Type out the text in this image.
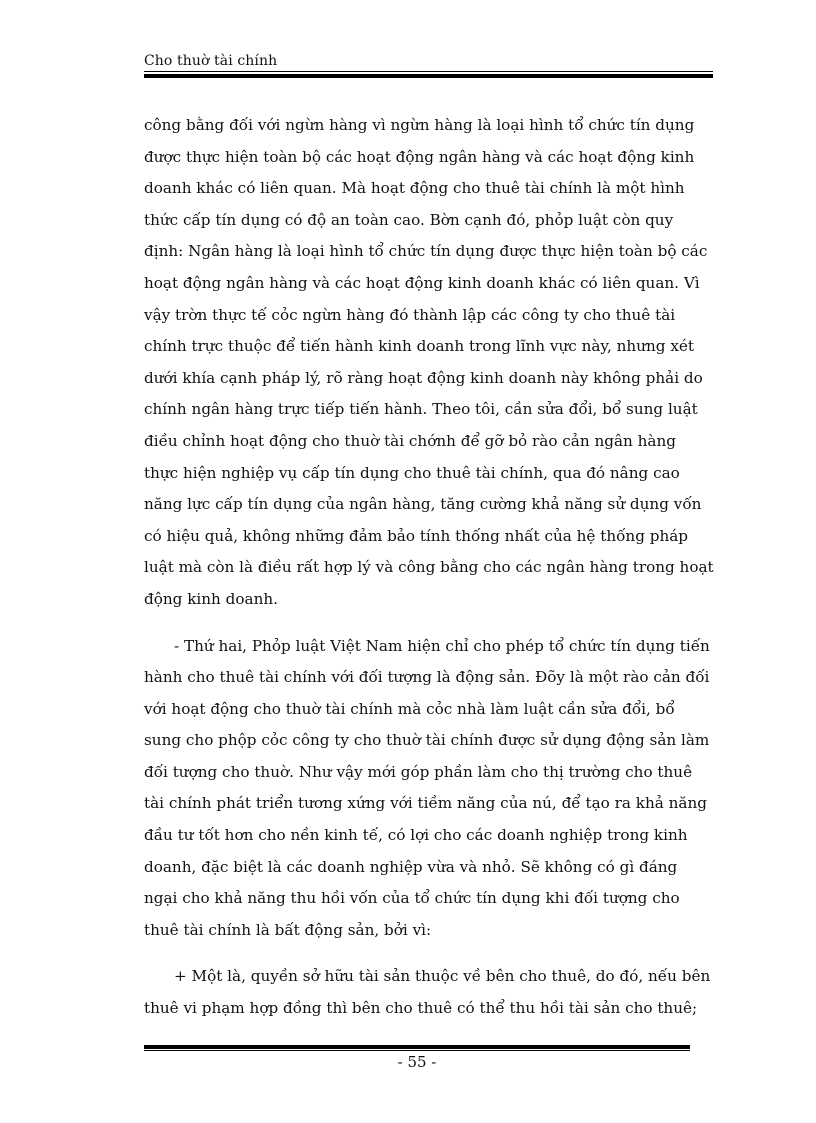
Cho thuờ tài chính

công bằng đối với ngừn hàng vì ngừn hàng là loại hình tổ chức tín dụng được thực hiện toàn bộ các hoạt động ngân hàng và các hoạt động kinh doanh khác có liên quan. Mà hoạt động cho thuê tài chính là một hình thức cấp tín dụng có độ an toàn cao. Bờn cạnh đó, phỏp luật còn quy định: Ngân hàng là loại hình tổ chức tín dụng được thực hiện toàn bộ các hoạt động ngân hàng và các hoạt động kinh doanh khác có liên quan. Vì vậy trờn thực tế cỏc ngừn hàng đó thành lập các công ty cho thuê tài chính trực thuộc để tiến hành kinh doanh trong lĩnh vực này, nhưng xét dưới khía cạnh pháp lý, rõ ràng hoạt động kinh doanh này không phải do chính ngân hàng trực tiếp tiến hành. Theo tôi, cần sửa đổi, bổ sung luật điều chỉnh hoạt động cho thuờ tài chớnh để gỡ bỏ rào cản ngân hàng thực hiện nghiệp vụ cấp tín dụng cho thuê tài chính, qua đó nâng cao năng lực cấp tín dụng của ngân hàng, tăng cường khả năng sử dụng vốn có hiệu quả, không những đảm bảo tính thống nhất của hệ thống pháp luật mà còn là điều rất hợp lý và công bằng cho các ngân hàng trong hoạt động kinh doanh.

- Thứ hai, Phỏp luật Việt Nam hiện chỉ cho phép tổ chức tín dụng tiến hành cho thuê tài chính với đối tượng là động sản. Đõy là một rào cản đối với hoạt động cho thuờ tài chính mà cỏc nhà làm luật cần sửa đổi, bổ sung cho phộp cỏc công ty cho thuờ tài chính được sử dụng động sản làm đối tượng cho thuờ. Như vậy mới góp phần làm cho thị trường cho thuê tài chính phát triển tương xứng với tiềm năng của nú, để tạo ra khả năng đầu tư tốt hơn cho nền kinh tế, có lợi cho các doanh nghiệp trong kinh doanh, đặc biệt là các doanh nghiệp vừa và nhỏ. Sẽ không có gì đáng ngại cho khả năng thu hồi vốn của tổ chức tín dụng khi đối tượng cho thuê tài chính là bất động sản, bởi vì:

+ Một là, quyền sở hữu tài sản thuộc về bên cho thuê, do đó, nếu bên thuê vi phạm hợp đồng thì bên cho thuê có thể thu hồi tài sản cho thuê;

- 55 -
